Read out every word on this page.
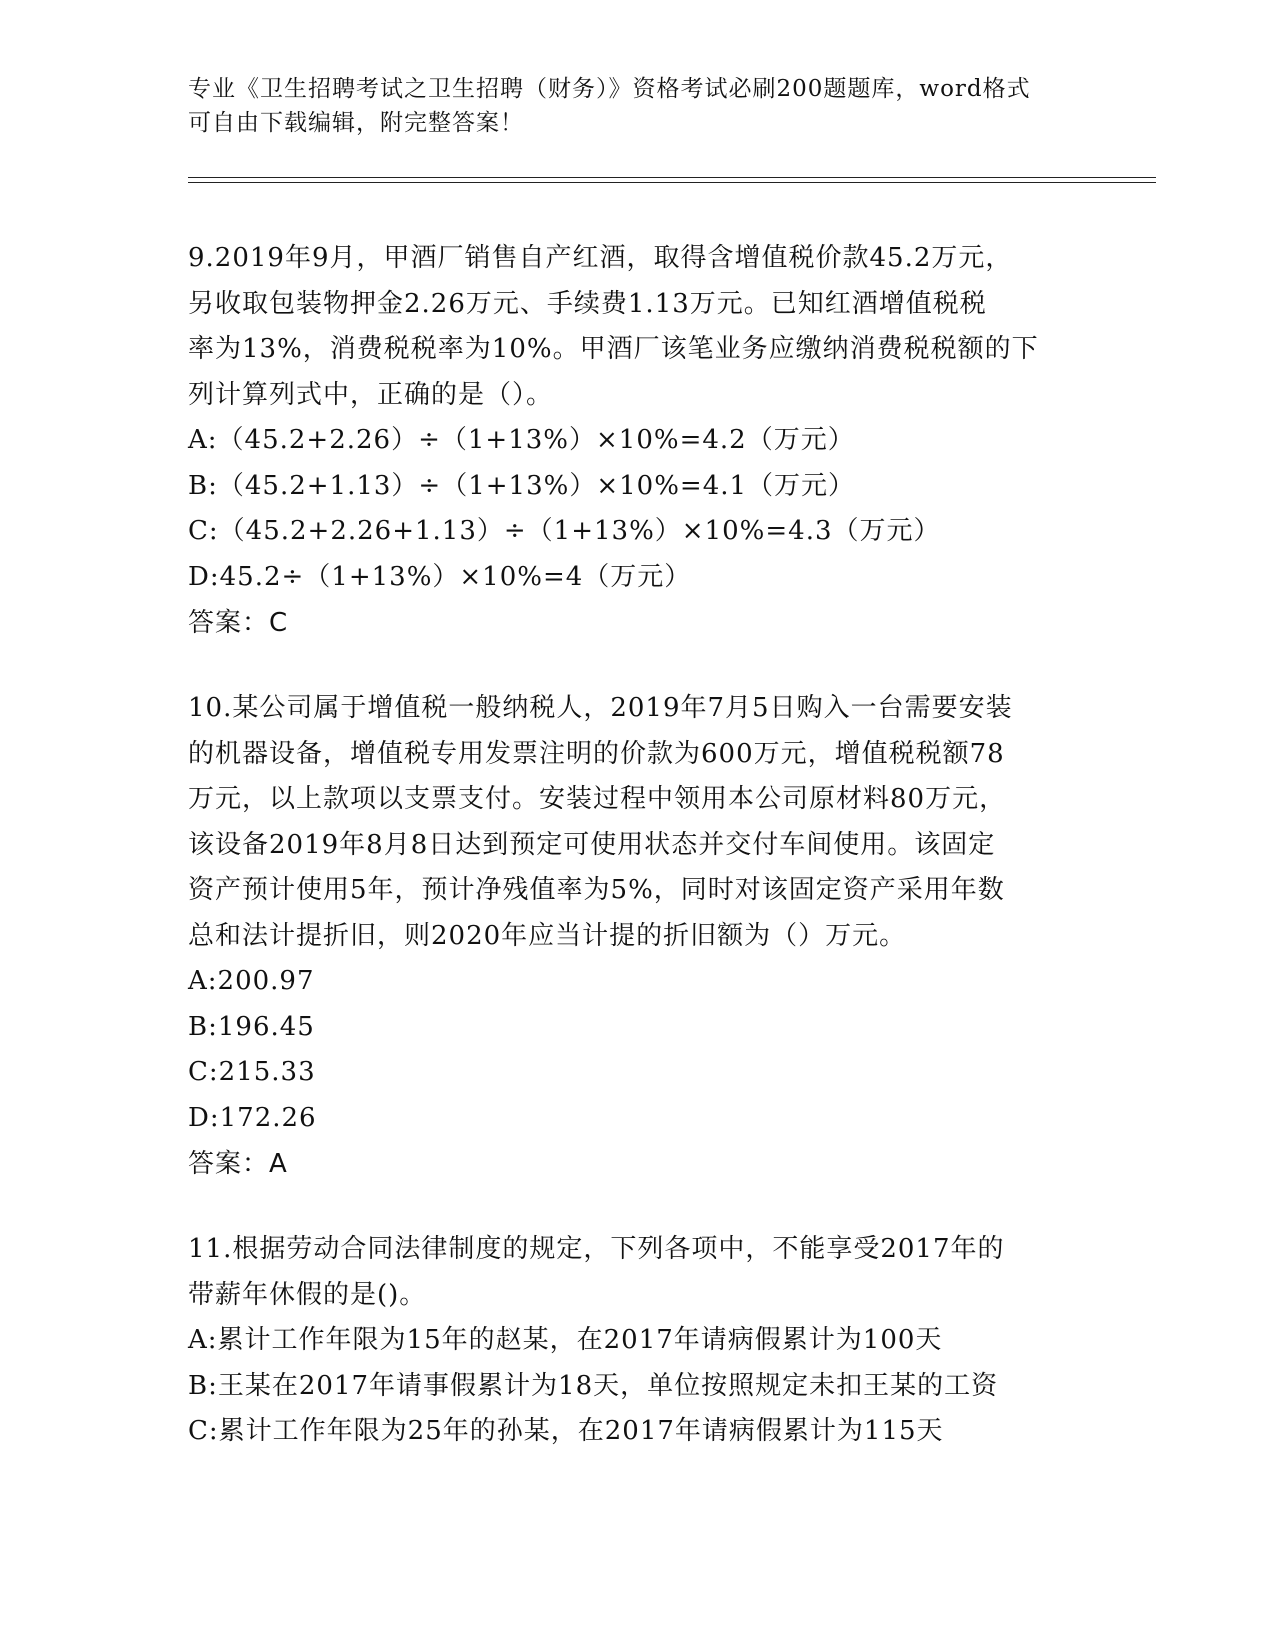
专业《卫生招聘考试之卫生招聘（财务）》资格考试必刷200题题库，word格式
可自由下载编辑，附完整答案！
9.2019年9月，甲酒厂销售自产红酒，取得含增值税价款45.2万元，
另收取包装物押金2.26万元、手续费1.13万元。已知红酒增值税税
率为13%，消费税税率为10%。甲酒厂该笔业务应缴纳消费税税额的下
列计算列式中，正确的是（）。
A:（45.2+2.26）÷（1+13%）×10%=4.2（万元）
B:（45.2+1.13）÷（1+13%）×10%=4.1（万元）
C:（45.2+2.26+1.13）÷（1+13%）×10%=4.3（万元）
D:45.2÷（1+13%）×10%=4（万元）
答案：C
10.某公司属于增值税一般纳税人，2019年7月5日购入一台需要安装
的机器设备，增值税专用发票注明的价款为600万元，增值税税额78
万元，以上款项以支票支付。安装过程中领用本公司原材料80万元，
该设备2019年8月8日达到预定可使用状态并交付车间使用。该固定
资产预计使用5年，预计净残值率为5%，同时对该固定资产采用年数
总和法计提折旧，则2020年应当计提的折旧额为（）万元。
A:200.97
B:196.45
C:215.33
D:172.26
答案：A
11.根据劳动合同法律制度的规定，下列各项中，不能享受2017年的
带薪年休假的是()。
A:累计工作年限为15年的赵某，在2017年请病假累计为100天
B:王某在2017年请事假累计为18天，单位按照规定未扣王某的工资
C:累计工作年限为25年的孙某，在2017年请病假累计为115天
